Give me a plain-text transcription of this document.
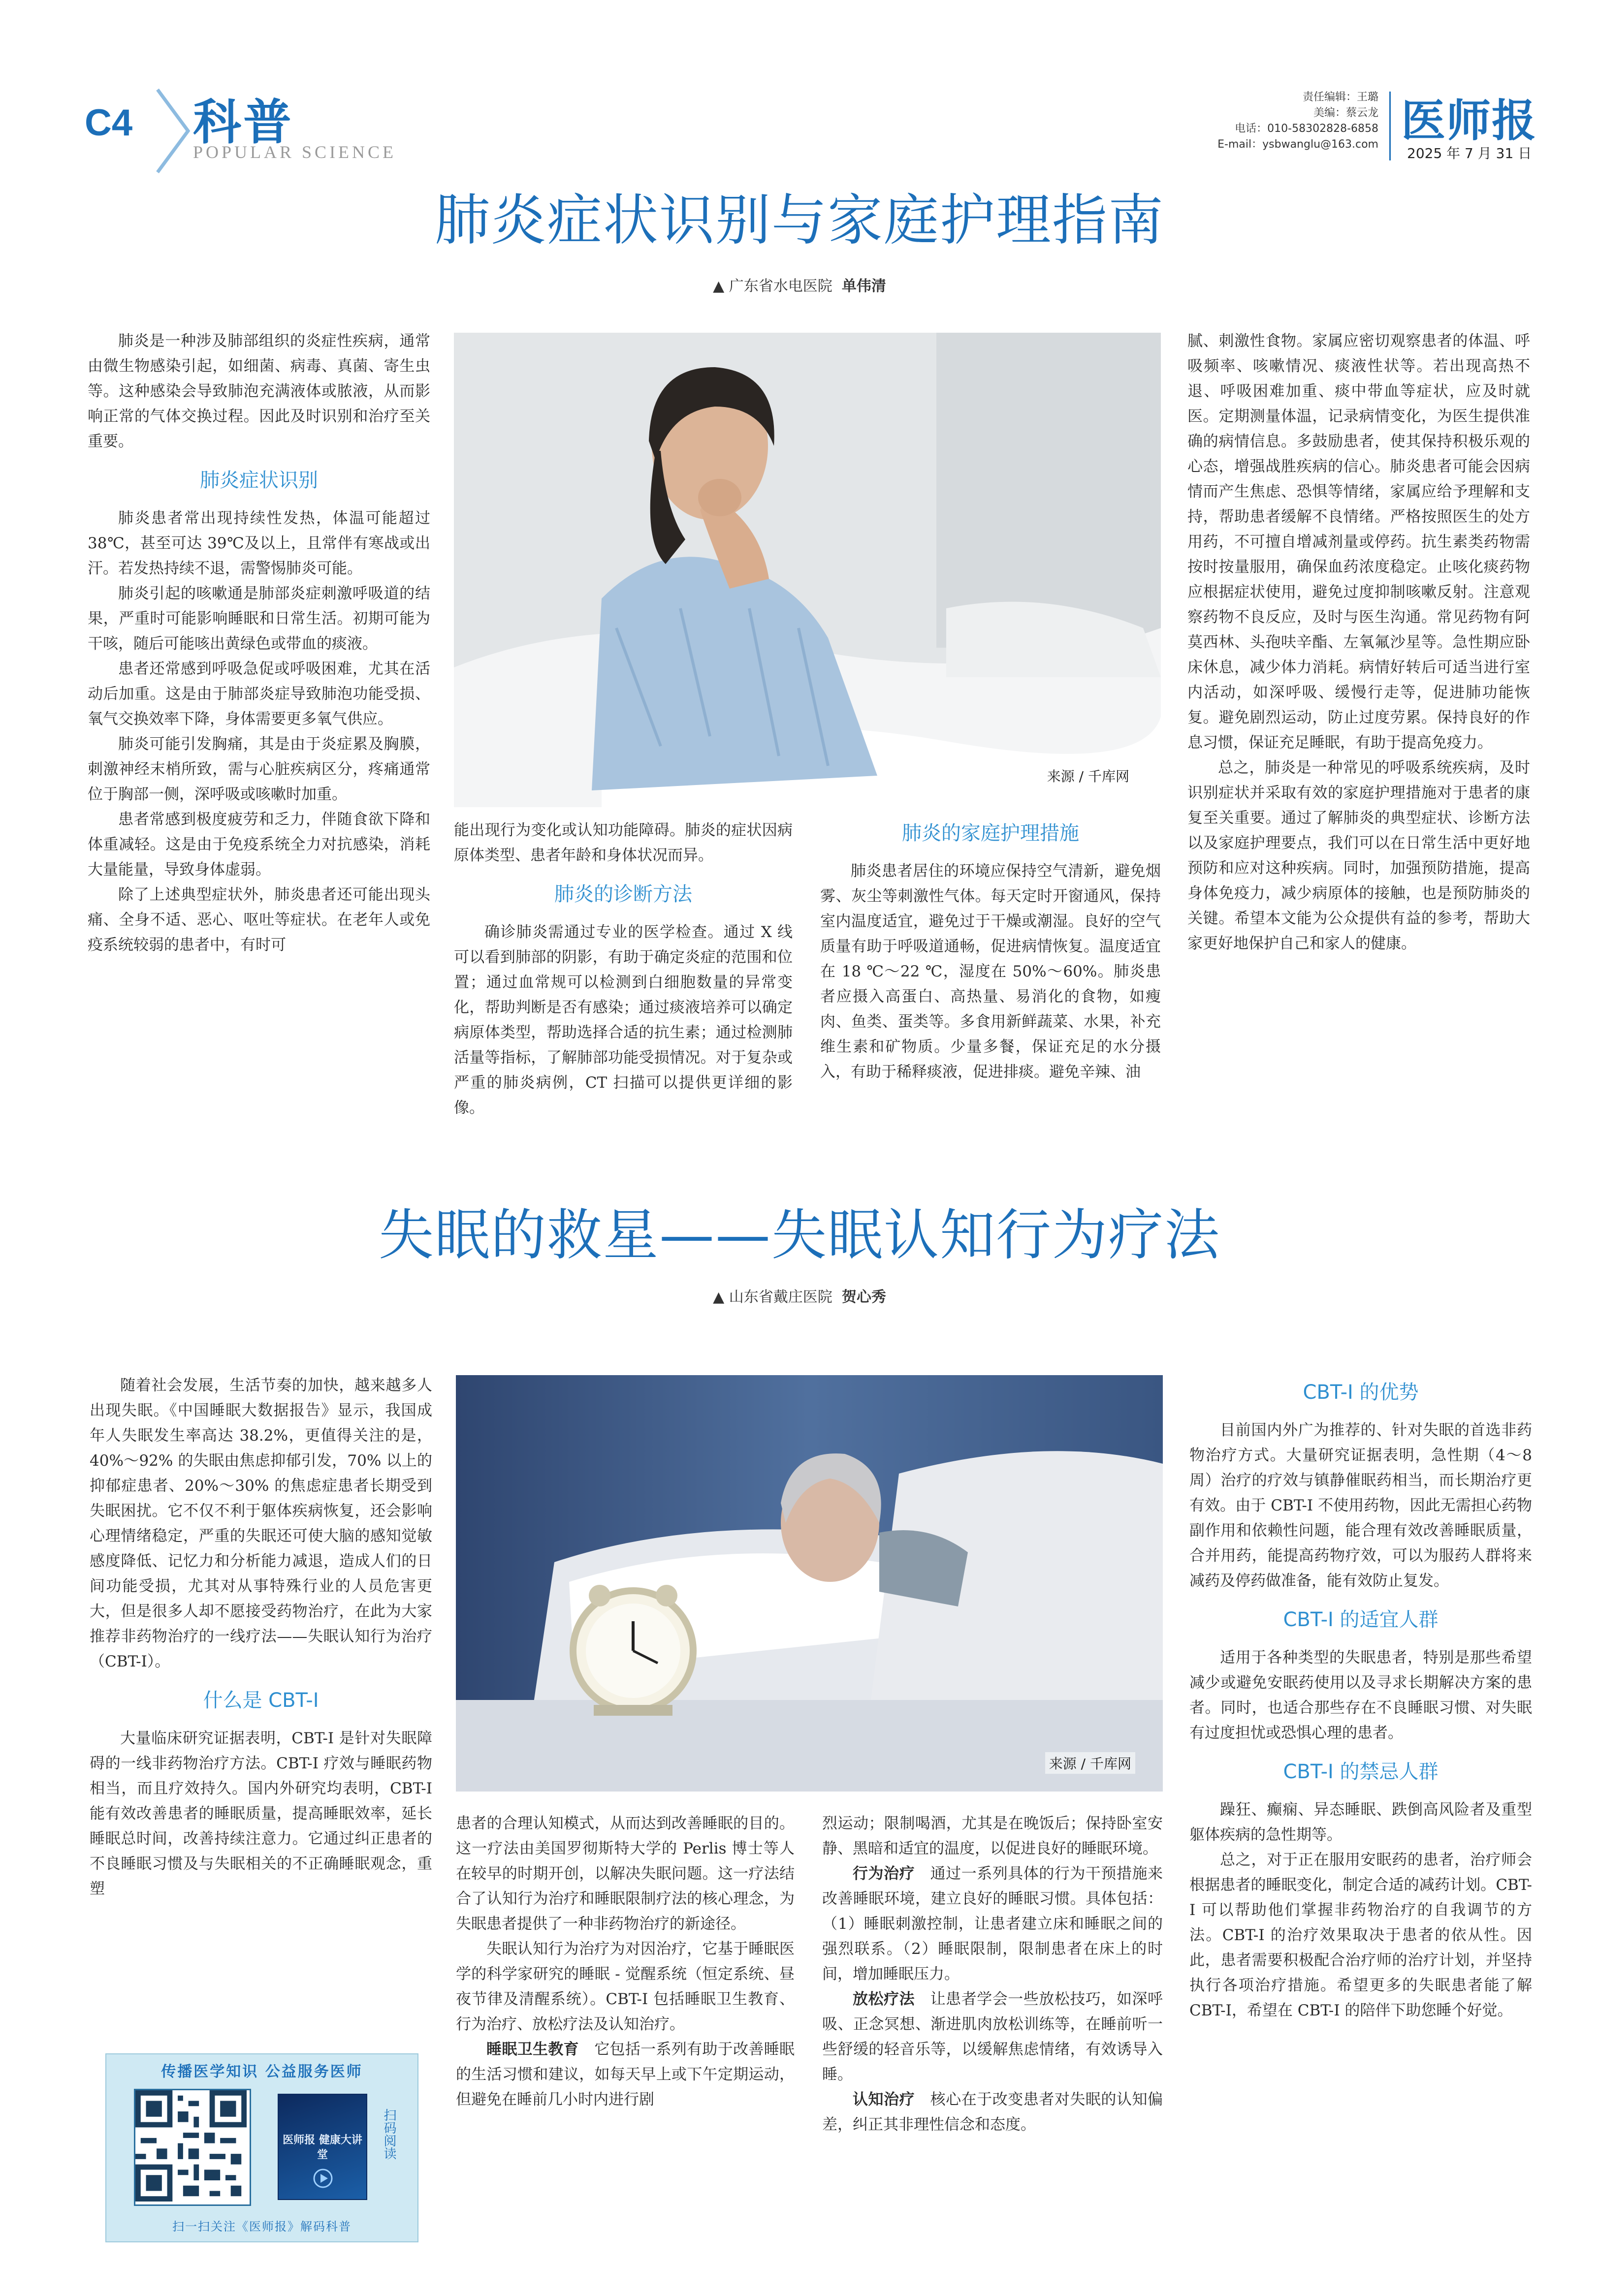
C4 科普
POPULAR SCIENCE
责任编辑：王璐
美编：蔡云龙
电话：010-58302828-6858
E-mail：ysbwanglu@163.com 医师报
2025 年 7 月 31 日
肺炎症状识别与家庭护理指南
▲ 广东省水电医院 单伟清
来源 / 千库网

肺炎是一种涉及肺部组织的炎症性疾病，通常由微生物感染引起，如细菌、病毒、真菌、寄生虫等。这种感染会导致肺泡充满液体或脓液，从而影响正常的气体交换过程。因此及时识别和治疗至关重要。

肺炎症状识别

肺炎患者常出现持续性发热，体温可能超过 38℃，甚至可达 39℃及以上，且常伴有寒战或出汗。若发热持续不退，需警惕肺炎可能。

肺炎引起的咳嗽通是肺部炎症刺激呼吸道的结果，严重时可能影响睡眠和日常生活。初期可能为干咳，随后可能咳出黄绿色或带血的痰液。

患者还常感到呼吸急促或呼吸困难，尤其在活动后加重。这是由于肺部炎症导致肺泡功能受损、氧气交换效率下降，身体需要更多氧气供应。

肺炎可能引发胸痛，其是由于炎症累及胸膜，刺激神经末梢所致，需与心脏疾病区分，疼痛通常位于胸部一侧，深呼吸或咳嗽时加重。

患者常感到极度疲劳和乏力，伴随食欲下降和体重减轻。这是由于免疫系统全力对抗感染，消耗大量能量，导致身体虚弱。

除了上述典型症状外，肺炎患者还可能出现头痛、全身不适、恶心、呕吐等症状。在老年人或免疫系统较弱的患者中，有时可

能出现行为变化或认知功能障碍。肺炎的症状因病原体类型、患者年龄和身体状况而异。

肺炎的诊断方法

确诊肺炎需通过专业的医学检查。通过 X 线可以看到肺部的阴影，有助于确定炎症的范围和位置；通过血常规可以检测到白细胞数量的异常变化，帮助判断是否有感染；通过痰液培养可以确定病原体类型，帮助选择合适的抗生素；通过检测肺活量等指标，了解肺部功能受损情况。对于复杂或严重的肺炎病例，CT 扫描可以提供更详细的影像。

肺炎的家庭护理措施

肺炎患者居住的环境应保持空气清新，避免烟雾、灰尘等刺激性气体。每天定时开窗通风，保持室内温度适宜，避免过于干燥或潮湿。良好的空气质量有助于呼吸道通畅，促进病情恢复。温度适宜在 18 ℃～22 ℃，湿度在 50%～60%。肺炎患者应摄入高蛋白、高热量、易消化的食物，如瘦肉、鱼类、蛋类等。多食用新鲜蔬菜、水果，补充维生素和矿物质。少量多餐，保证充足的水分摄入，有助于稀释痰液，促进排痰。避免辛辣、油

腻、刺激性食物。家属应密切观察患者的体温、呼吸频率、咳嗽情况、痰液性状等。若出现高热不退、呼吸困难加重、痰中带血等症状，应及时就医。定期测量体温，记录病情变化，为医生提供准确的病情信息。多鼓励患者，使其保持积极乐观的心态，增强战胜疾病的信心。肺炎患者可能会因病情而产生焦虑、恐惧等情绪，家属应给予理解和支持，帮助患者缓解不良情绪。严格按照医生的处方用药，不可擅自增减剂量或停药。抗生素类药物需按时按量服用，确保血药浓度稳定。止咳化痰药物应根据症状使用，避免过度抑制咳嗽反射。注意观察药物不良反应，及时与医生沟通。常见药物有阿莫西林、头孢呋辛酯、左氧氟沙星等。急性期应卧床休息，减少体力消耗。病情好转后可适当进行室内活动，如深呼吸、缓慢行走等，促进肺功能恢复。避免剧烈运动，防止过度劳累。保持良好的作息习惯，保证充足睡眠，有助于提高免疫力。

总之，肺炎是一种常见的呼吸系统疾病，及时识别症状并采取有效的家庭护理措施对于患者的康复至关重要。通过了解肺炎的典型症状、诊断方法以及家庭护理要点，我们可以在日常生活中更好地预防和应对这种疾病。同时，加强预防措施，提高身体免疫力，减少病原体的接触，也是预防肺炎的关键。希望本文能为公众提供有益的参考，帮助大家更好地保护自己和家人的健康。

失眠的救星——失眠认知行为疗法
▲ 山东省戴庄医院 贺心秀
来源 / 千库网

随着社会发展，生活节奏的加快，越来越多人出现失眠。《中国睡眠大数据报告》显示，我国成年人失眠发生率高达 38.2%，更值得关注的是，40%～92% 的失眠由焦虑抑郁引发，70% 以上的抑郁症患者、20%～30% 的焦虑症患者长期受到失眠困扰。它不仅不利于躯体疾病恢复，还会影响心理情绪稳定，严重的失眠还可使大脑的感知觉敏感度降低、记忆力和分析能力减退，造成人们的日间功能受损，尤其对从事特殊行业的人员危害更大，但是很多人却不愿接受药物治疗，在此为大家推荐非药物治疗的一线疗法——失眠认知行为治疗（CBT-I）。

什么是 CBT-I

大量临床研究证据表明，CBT-I 是针对失眠障碍的一线非药物治疗方法。CBT-I 疗效与睡眠药物相当，而且疗效持久。国内外研究均表明，CBT-I 能有效改善患者的睡眠质量，提高睡眠效率，延长睡眠总时间，改善持续注意力。它通过纠正患者的不良睡眠习惯及与失眠相关的不正确睡眠观念，重塑

患者的合理认知模式，从而达到改善睡眠的目的。这一疗法由美国罗彻斯特大学的 Perlis 博士等人在较早的时期开创，以解决失眠问题。这一疗法结合了认知行为治疗和睡眠限制疗法的核心理念，为失眠患者提供了一种非药物治疗的新途径。

失眠认知行为治疗为对因治疗，它基于睡眠医学的科学家研究的睡眠 - 觉醒系统（恒定系统、昼夜节律及清醒系统）。CBT-I 包括睡眠卫生教育、行为治疗、放松疗法及认知治疗。

睡眠卫生教育 它包括一系列有助于改善睡眠的生活习惯和建议，如每天早上或下午定期运动，但避免在睡前几小时内进行剧

烈运动；限制喝酒，尤其是在晚饭后；保持卧室安静、黑暗和适宜的温度，以促进良好的睡眠环境。

行为治疗 通过一系列具体的行为干预措施来改善睡眠环境，建立良好的睡眠习惯。具体包括：（1）睡眠刺激控制，让患者建立床和睡眠之间的强烈联系。（2）睡眠限制，限制患者在床上的时间，增加睡眠压力。

放松疗法 让患者学会一些放松技巧，如深呼吸、正念冥想、渐进肌肉放松训练等，在睡前听一些舒缓的轻音乐等，以缓解焦虑情绪，有效诱导入睡。

认知治疗 核心在于改变患者对失眠的认知偏差，纠正其非理性信念和态度。

CBT-I 的优势

目前国内外广为推荐的、针对失眠的首选非药物治疗方式。大量研究证据表明，急性期（4～8 周）治疗的疗效与镇静催眠药相当，而长期治疗更有效。由于 CBT-I 不使用药物，因此无需担心药物副作用和依赖性问题，能合理有效改善睡眠质量，合并用药，能提高药物疗效，可以为服药人群将来减药及停药做准备，能有效防止复发。

CBT-I 的适宜人群

适用于各种类型的失眠患者，特别是那些希望减少或避免安眠药使用以及寻求长期解决方案的患者。同时，也适合那些存在不良睡眠习惯、对失眠有过度担忧或恐惧心理的患者。

CBT-I 的禁忌人群

躁狂、癫痫、异态睡眠、跌倒高风险者及重型躯体疾病的急性期等。

总之，对于正在服用安眠药的患者，治疗师会根据患者的睡眠变化，制定合适的减药计划。CBT-I 可以帮助他们掌握非药物治疗的自我调节的方法。CBT-I 的治疗效果取决于患者的依从性。因此，患者需要积极配合治疗师的治疗计划，并坚持执行各项治疗措施。希望更多的失眠患者能了解 CBT-I，希望在 CBT-I 的陪伴下助您睡个好觉。

传播医学知识 公益服务医师
医师报 健康大讲堂	扫码阅读
扫一扫关注《医师报》解码科普
